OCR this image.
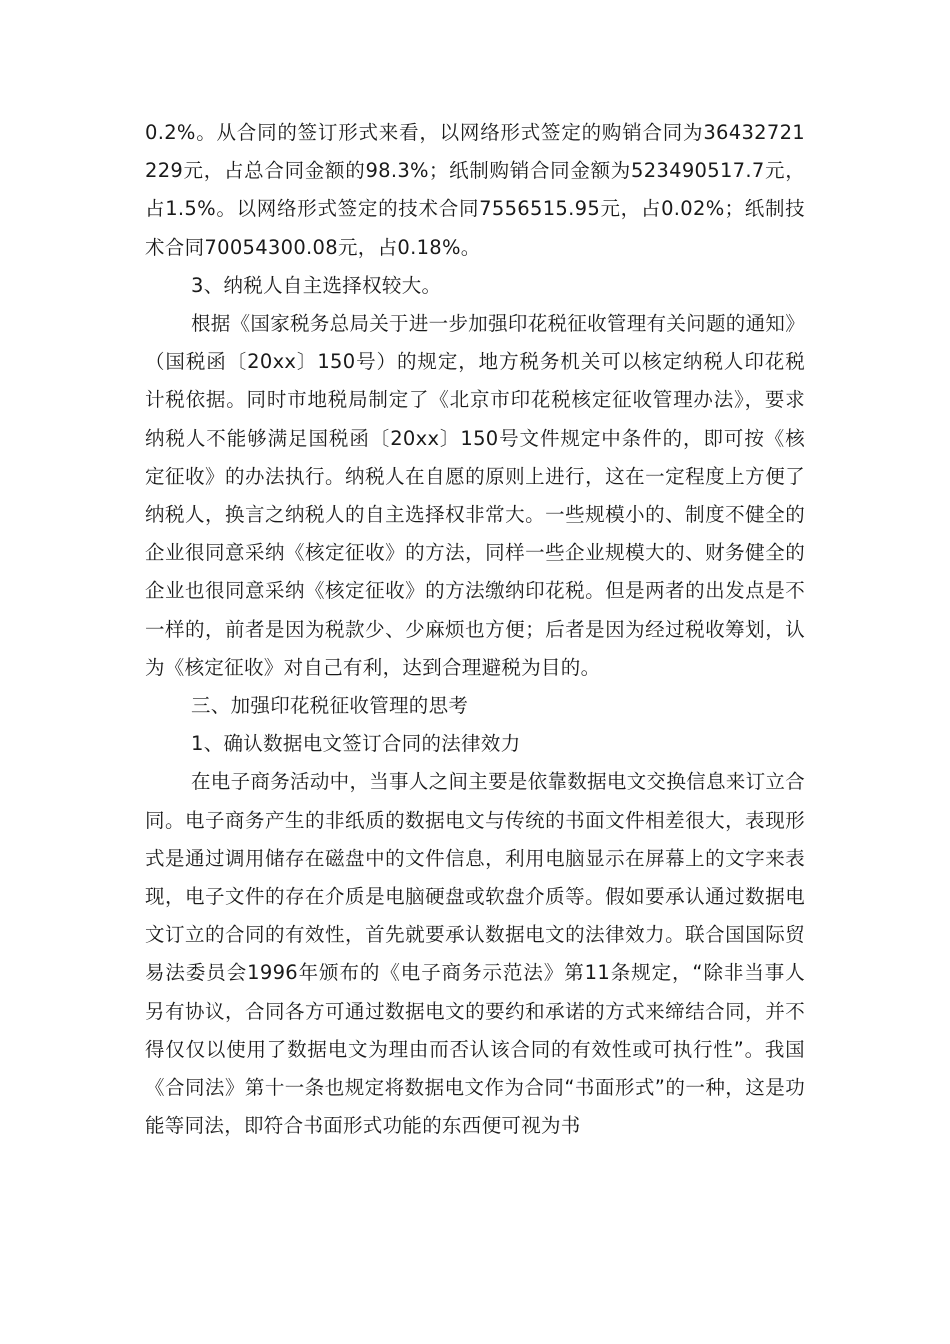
0.2%。从合同的签订形式来看，以网络形式签定的购销合同为36432721229元，占总合同金额的98.3%；纸制购销合同金额为523490517.7元，占1.5%。以网络形式签定的技术合同7556515.95元，占0.02%；纸制技术合同70054300.08元，占0.18%。

3、纳税人自主选择权较大。

根据《国家税务总局关于进一步加强印花税征收管理有关问题的通知》（国税函〔20xx〕150号）的规定，地方税务机关可以核定纳税人印花税计税依据。同时市地税局制定了《北京市印花税核定征收管理办法》，要求纳税人不能够满足国税函〔20xx〕150号文件规定中条件的，即可按《核定征收》的办法执行。纳税人在自愿的原则上进行，这在一定程度上方便了纳税人，换言之纳税人的自主选择权非常大。一些规模小的、制度不健全的企业很同意采纳《核定征收》的方法，同样一些企业规模大的、财务健全的企业也很同意采纳《核定征收》的方法缴纳印花税。但是两者的出发点是不一样的，前者是因为税款少、少麻烦也方便；后者是因为经过税收筹划，认为《核定征收》对自己有利，达到合理避税为目的。

三、加强印花税征收管理的思考

1、确认数据电文签订合同的法律效力

在电子商务活动中，当事人之间主要是依靠数据电文交换信息来订立合同。电子商务产生的非纸质的数据电文与传统的书面文件相差很大，表现形式是通过调用储存在磁盘中的文件信息，利用电脑显示在屏幕上的文字来表现，电子文件的存在介质是电脑硬盘或软盘介质等。假如要承认通过数据电文订立的合同的有效性，首先就要承认数据电文的法律效力。联合国国际贸易法委员会1996年颁布的《电子商务示范法》第11条规定，“除非当事人另有协议，合同各方可通过数据电文的要约和承诺的方式来缔结合同，并不得仅仅以使用了数据电文为理由而否认该合同的有效性或可执行性”。我国《合同法》第十一条也规定将数据电文作为合同“书面形式”的一种，这是功能等同法，即符合书面形式功能的东西便可视为书
